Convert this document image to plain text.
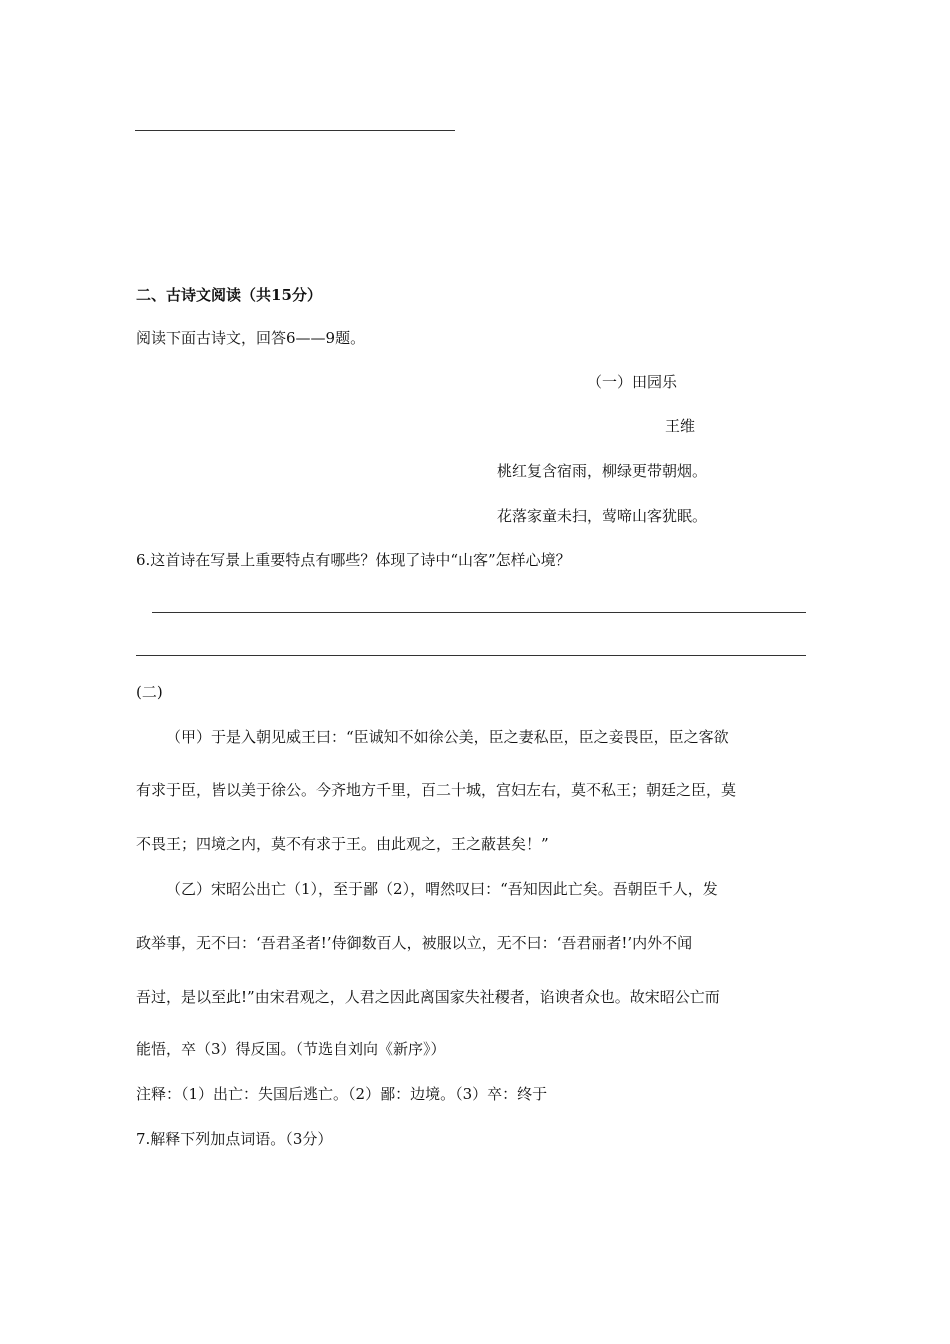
二、古诗文阅读（共15分）
阅读下面古诗文，回答6——9题。
（一）田园乐
王维
桃红复含宿雨，柳绿更带朝烟。
花落家童未扫，莺啼山客犹眠。
6.这首诗在写景上重要特点有哪些？体现了诗中“山客”怎样心境？
(二)
（甲）于是入朝见威王曰：“臣诚知不如徐公美，臣之妻私臣，臣之妾畏臣，臣之客欲
有求于臣，皆以美于徐公。今齐地方千里，百二十城，宫妇左右，莫不私王；朝廷之臣，莫
不畏王；四境之内，莫不有求于王。由此观之，王之蔽甚矣！”
（乙）宋昭公出亡（1），至于鄙（2），喟然叹曰：“吾知因此亡矣。吾朝臣千人，发
政举事，无不曰：‘吾君圣者!’侍御数百人，被服以立，无不曰：‘吾君丽者!’内外不闻
吾过，是以至此!”由宋君观之，人君之因此离国家失社稷者，谄谀者众也。故宋昭公亡而
能悟，卒（3）得反国。（节选自刘向《新序》）
注释：（1）出亡：失国后逃亡。（2）鄙：边境。（3）卒：终于
7.解释下列加点词语。（3分）
